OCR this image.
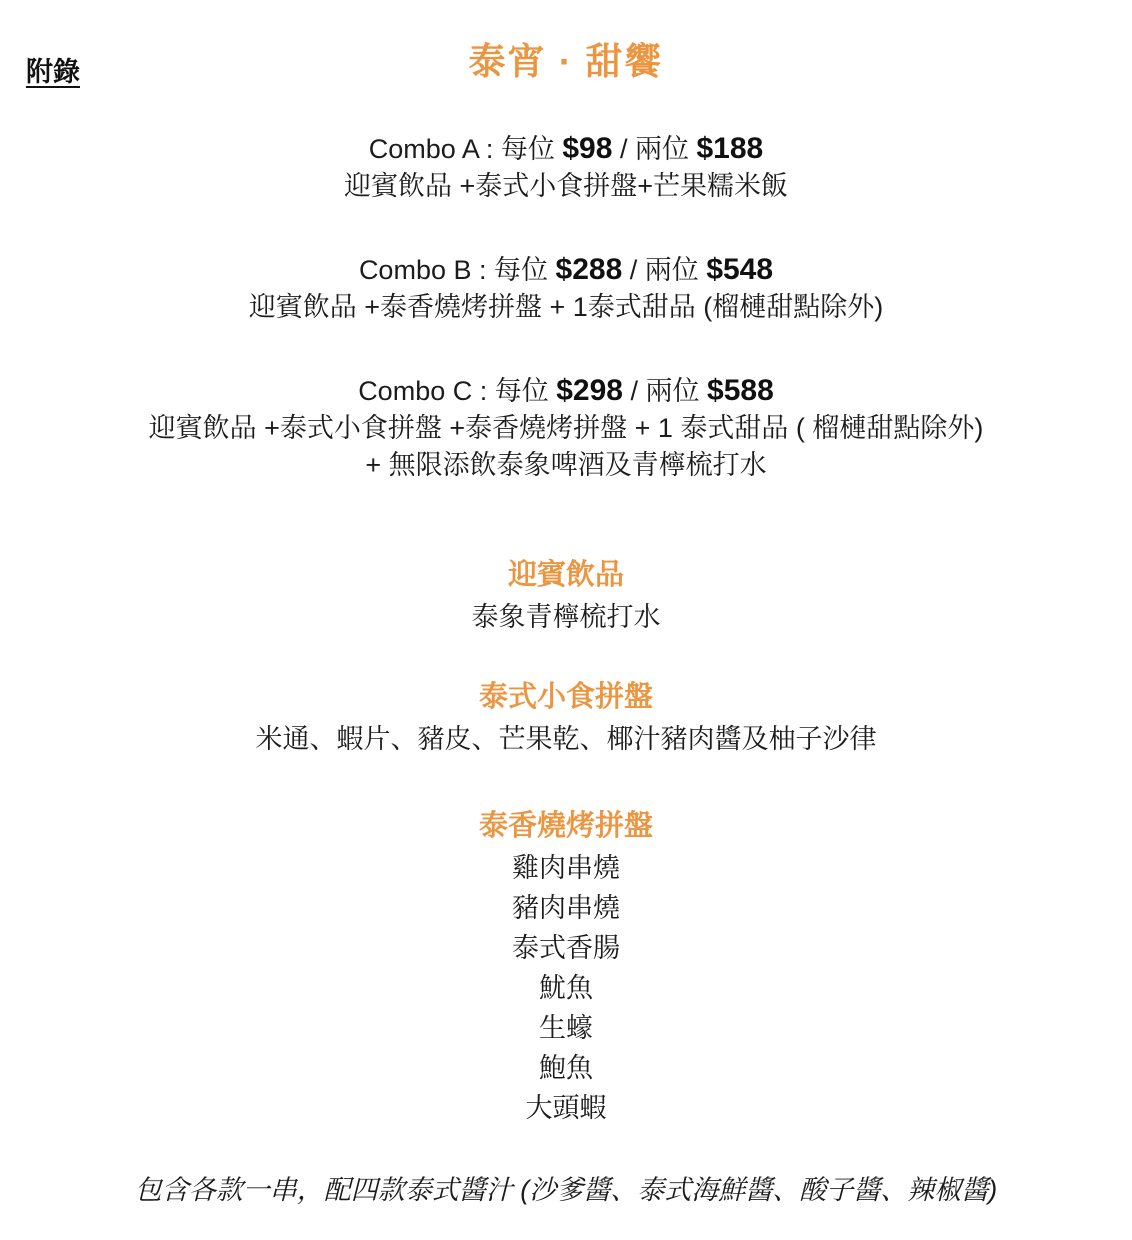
附錄	泰宵 · 甜饗
Combo A : 每位 $98 / 兩位 $188
迎賓飲品 +泰式小食拼盤+芒果糯米飯
Combo B : 每位 $288 / 兩位 $548
迎賓飲品 +泰香燒烤拼盤 + 1泰式甜品 (榴槤甜點除外)
Combo C : 每位 $298 / 兩位 $588
迎賓飲品 +泰式小食拼盤 +泰香燒烤拼盤 + 1 泰式甜品 ( 榴槤甜點除外)
+ 無限添飲泰象啤酒及青檸梳打水
迎賓飲品
泰象青檸梳打水
泰式小食拼盤
米通、蝦片、豬皮、芒果乾、椰汁豬肉醬及柚子沙律
泰香燒烤拼盤
雞肉串燒
豬肉串燒
泰式香腸
魷魚
生蠔
鮑魚
大頭蝦
包含各款一串，配四款泰式醬汁 (沙爹醬、泰式海鮮醬、酸子醬、辣椒醬)
